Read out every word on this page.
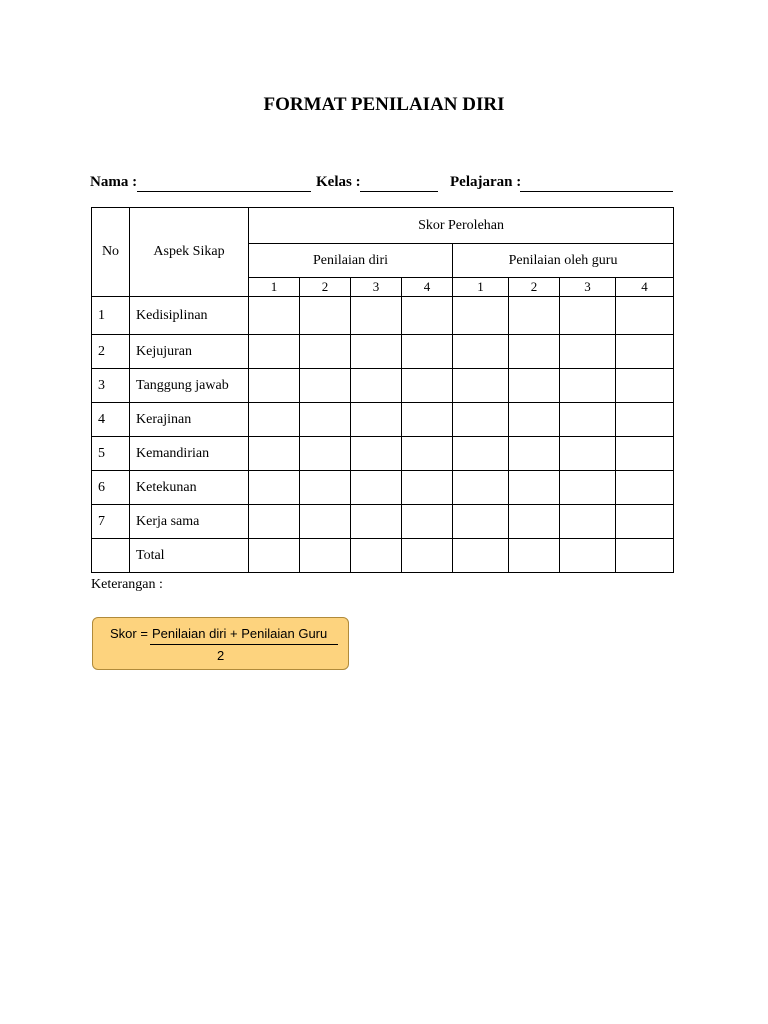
FORMAT PENILAIAN DIRI
Nama :	Kelas :	Pelajaran :
No	Aspek Sikap	Skor Perolehan							
		Penilaian diri				Penilaian oleh guru			
		1	2	3	4	1	2	3	4
1	Kedisiplinan								
2	Kejujuran								
3	Tanggung jawab								
4	Kerajinan								
5	Kemandirian								
6	Ketekunan								
7	Kerja sama								
	Total								
Keterangan :
Skor = Penilaian diri + Penilaian Guru
2
